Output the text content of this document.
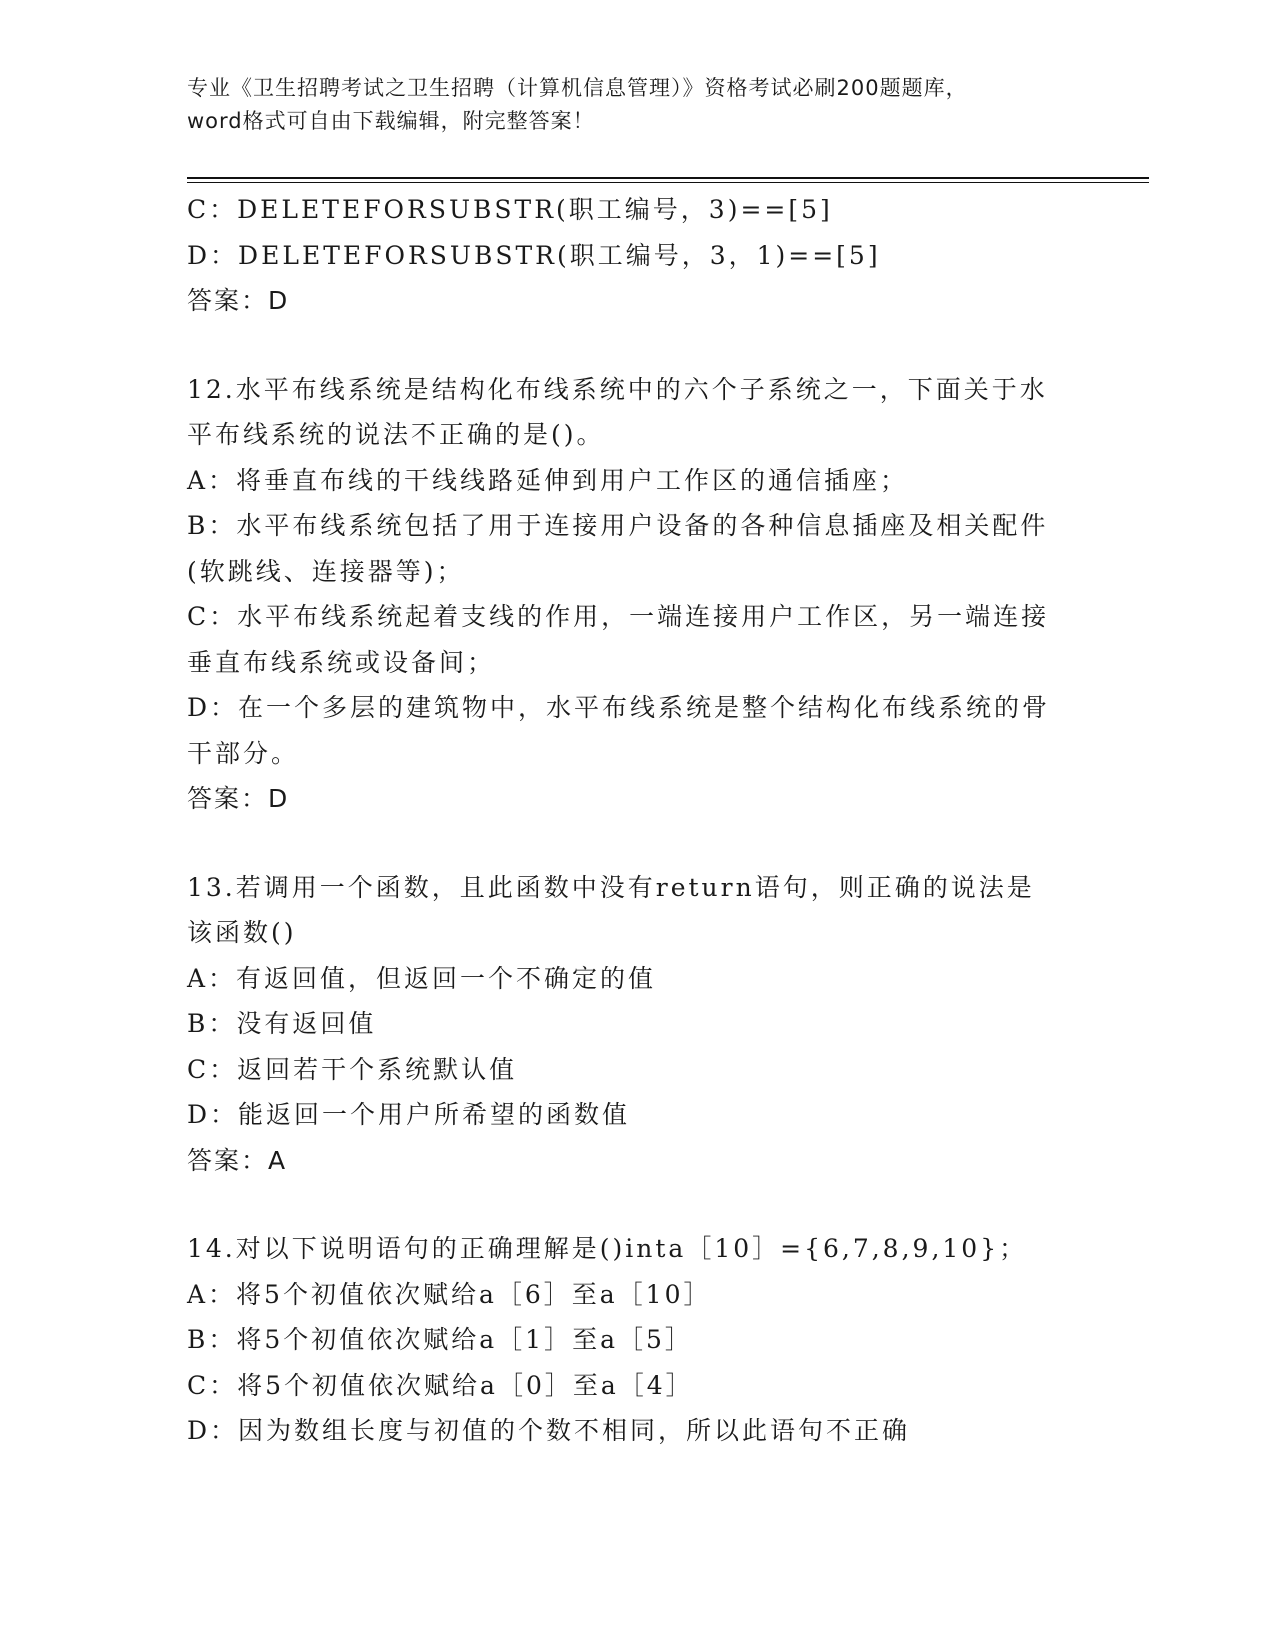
专业《卫生招聘考试之卫生招聘（计算机信息管理）》资格考试必刷200题题库，
word格式可自由下载编辑，附完整答案！
C：DELETEFORSUBSTR(职工编号，3)==[5]
D：DELETEFORSUBSTR(职工编号，3，1)==[5]
答案：D
12.水平布线系统是结构化布线系统中的六个子系统之一，下面关于水
平布线系统的说法不正确的是()。
A：将垂直布线的干线线路延伸到用户工作区的通信插座；
B：水平布线系统包括了用于连接用户设备的各种信息插座及相关配件
(软跳线、连接器等)；
C：水平布线系统起着支线的作用，一端连接用户工作区，另一端连接
垂直布线系统或设备间；
D：在一个多层的建筑物中，水平布线系统是整个结构化布线系统的骨
干部分。
答案：D
13.若调用一个函数，且此函数中没有return语句，则正确的说法是
该函数()
A：有返回值，但返回一个不确定的值
B：没有返回值
C：返回若干个系统默认值
D：能返回一个用户所希望的函数值
答案：A
14.对以下说明语句的正确理解是()inta［10］={6,7,8,9,10}；
A：将5个初值依次赋给a［6］至a［10］
B：将5个初值依次赋给a［1］至a［5］
C：将5个初值依次赋给a［0］至a［4］
D：因为数组长度与初值的个数不相同，所以此语句不正确
